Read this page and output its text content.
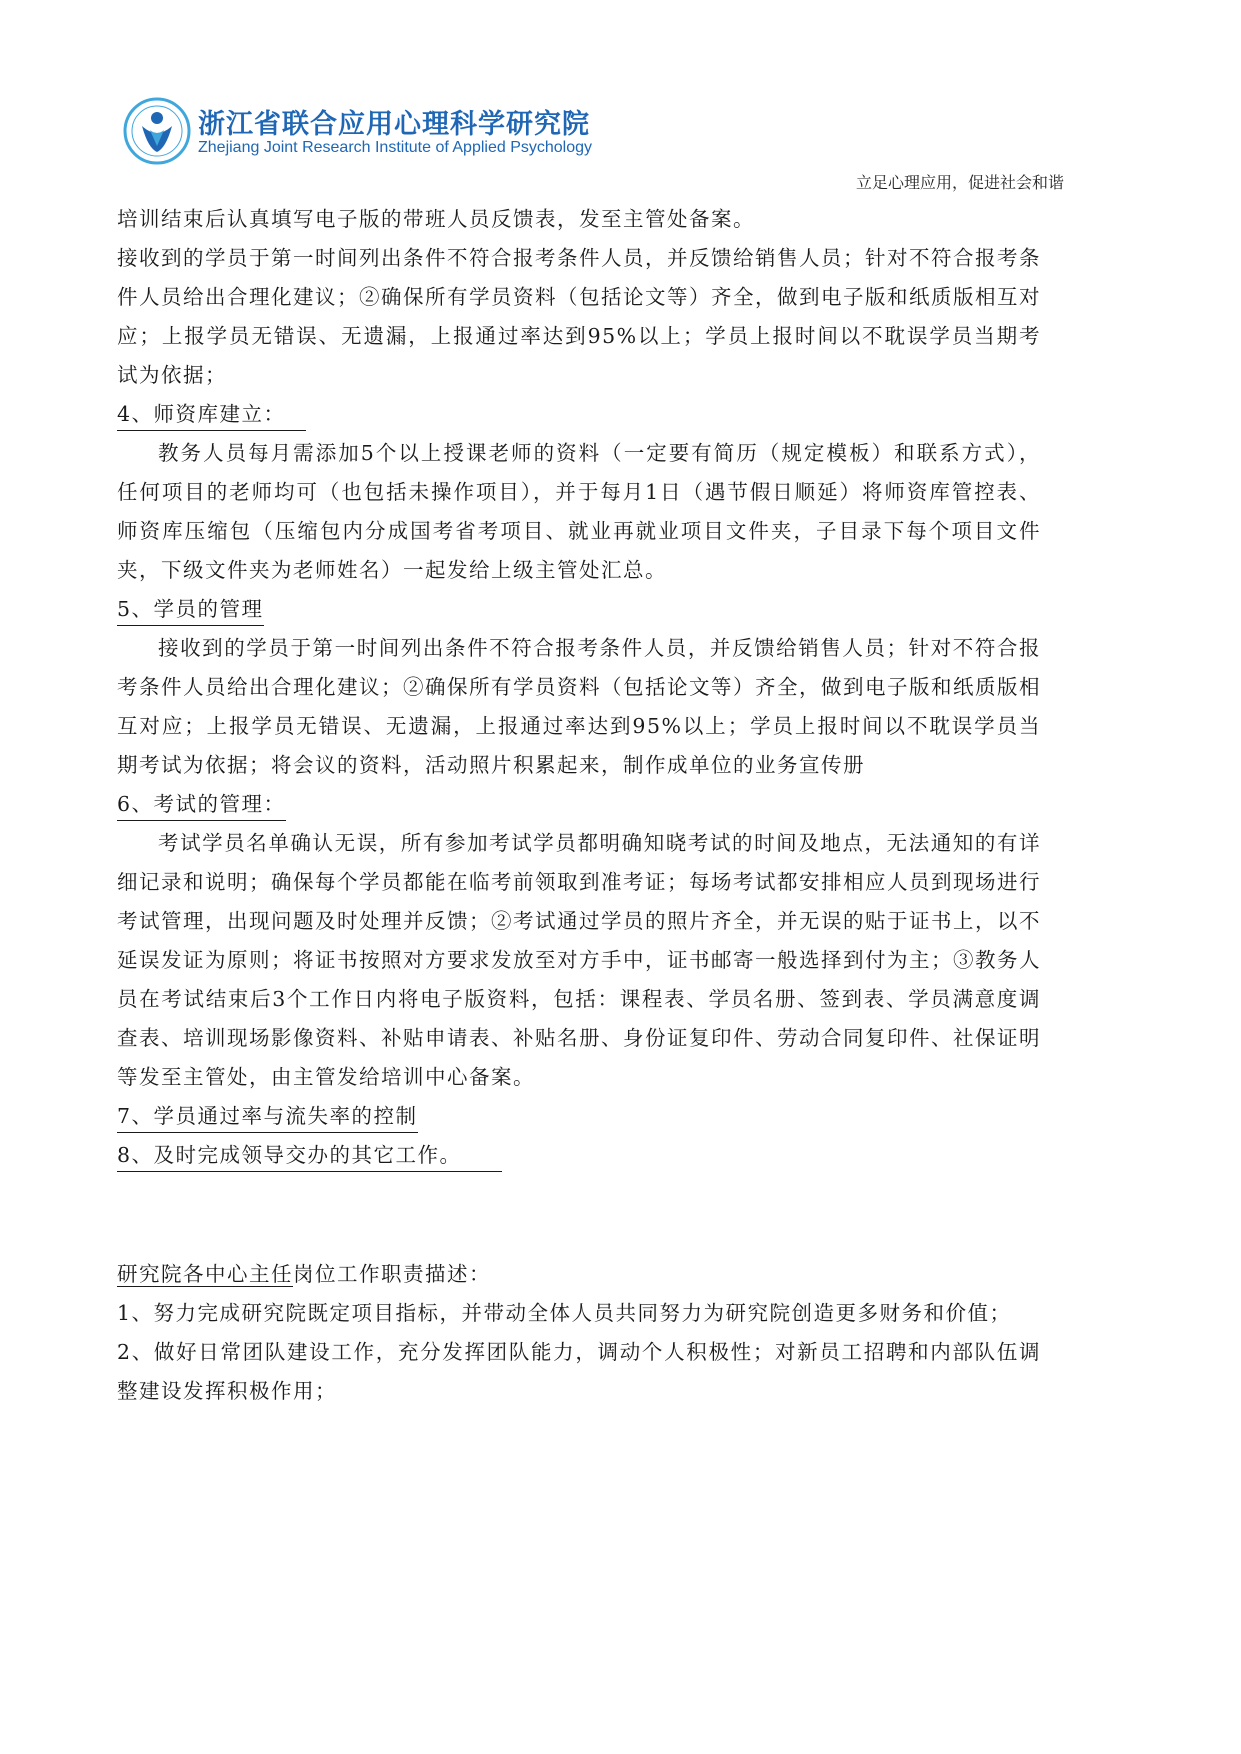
浙江省联合应用心理科学研究院
Zhejiang Joint Research Institute of Applied Psychology
立足心理应用，促进社会和谐

培训结束后认真填写电子版的带班人员反馈表，发至主管处备案。

接收到的学员于第一时间列出条件不符合报考条件人员，并反馈给销售人员；针对不符合报考条件人员给出合理化建议；②确保所有学员资料（包括论文等）齐全，做到电子版和纸质版相互对应；上报学员无错误、无遗漏，上报通过率达到95%以上；学员上报时间以不耽误学员当期考试为依据；

4、师资库建立：

教务人员每月需添加5个以上授课老师的资料（一定要有简历（规定模板）和联系方式），任何项目的老师均可（也包括未操作项目），并于每月1日（遇节假日顺延）将师资库管控表、师资库压缩包（压缩包内分成国考省考项目、就业再就业项目文件夹，子目录下每个项目文件夹，下级文件夹为老师姓名）一起发给上级主管处汇总。

5、学员的管理

接收到的学员于第一时间列出条件不符合报考条件人员，并反馈给销售人员；针对不符合报考条件人员给出合理化建议；②确保所有学员资料（包括论文等）齐全，做到电子版和纸质版相互对应；上报学员无错误、无遗漏，上报通过率达到95%以上；学员上报时间以不耽误学员当期考试为依据；将会议的资料，活动照片积累起来，制作成单位的业务宣传册

6、考试的管理：

考试学员名单确认无误，所有参加考试学员都明确知晓考试的时间及地点，无法通知的有详细记录和说明；确保每个学员都能在临考前领取到准考证；每场考试都安排相应人员到现场进行考试管理，出现问题及时处理并反馈；②考试通过学员的照片齐全，并无误的贴于证书上，以不延误发证为原则；将证书按照对方要求发放至对方手中，证书邮寄一般选择到付为主；③教务人员在考试结束后3个工作日内将电子版资料，包括：课程表、学员名册、签到表、学员满意度调查表、培训现场影像资料、补贴申请表、补贴名册、身份证复印件、劳动合同复印件、社保证明等发至主管处，由主管发给培训中心备案。

7、学员通过率与流失率的控制

8、及时完成领导交办的其它工作。

研究院各中心主任岗位工作职责描述：

1、努力完成研究院既定项目指标，并带动全体人员共同努力为研究院创造更多财务和价值；

2、做好日常团队建设工作，充分发挥团队能力，调动个人积极性；对新员工招聘和内部队伍调整建设发挥积极作用；
